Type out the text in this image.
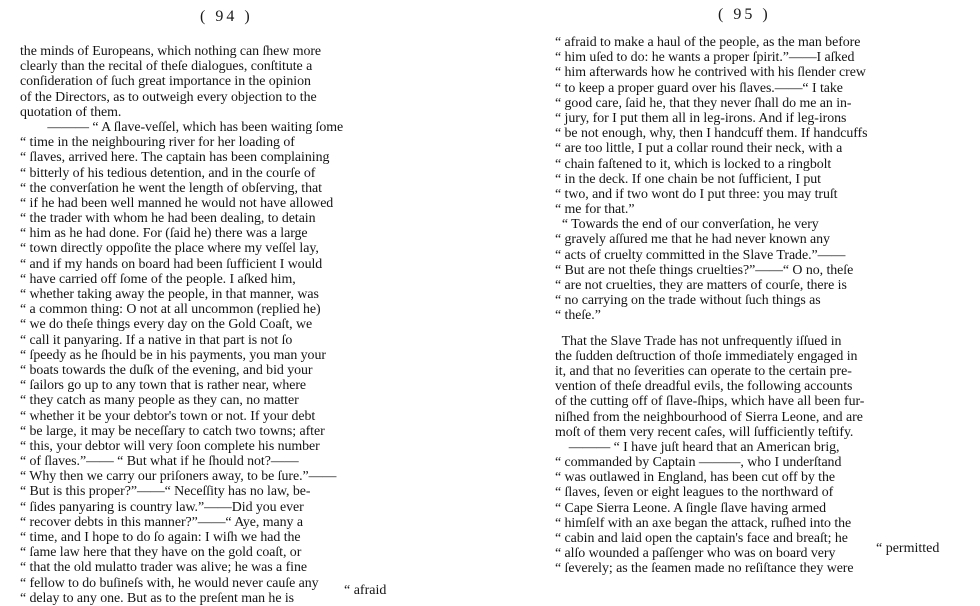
( 94 )
the minds of Europeans, which nothing can ſhew more
clearly than the recital of theſe dialogues, conſtitute a
conſideration of ſuch great importance in the opinion
of the Directors, as to outweigh every objection to the
quotation of them.
——— “ A ſlave-veſſel, which has been waiting ſome
“ time in the neighbouring river for her loading of
“ ſlaves, arrived here. The captain has been complaining
“ bitterly of his tedious detention, and in the courſe of
“ the converſation he went the length of obſerving, that
“ if he had been well manned he would not have allowed
“ the trader with whom he had been dealing, to detain
“ him as he had done. For (ſaid he) there was a large
“ town directly oppoſite the place where my veſſel lay,
“ and if my hands on board had been ſufficient I would
“ have carried off ſome of the people. I aſked him,
“ whether taking away the people, in that manner, was
“ a common thing: O not at all uncommon (replied he)
“ we do theſe things every day on the Gold Coaſt, we
“ call it panyaring. If a native in that part is not ſo
“ ſpeedy as he ſhould be in his payments, you man your
“ boats towards the duſk of the evening, and bid your
“ ſailors go up to any town that is rather near, where
“ they catch as many people as they can, no matter
“ whether it be your debtor's town or not. If your debt
“ be large, it may be neceſſary to catch two towns; after
“ this, your debtor will very ſoon complete his number
“ of ſlaves.”—— “ But what if he ſhould not?——
“ Why then we carry our priſoners away, to be ſure.”——
“ But is this proper?”——“ Neceſſity has no law, be-
“ ſides panyaring is country law.”——Did you ever
“ recover debts in this manner?”——“ Aye, many a
“ time, and I hope to do ſo again: I wiſh we had the
“ ſame law here that they have on the gold coaſt, or
“ that the old mulatto trader was alive; he was a fine
“ fellow to do buſineſs with, he would never cauſe any
“ delay to any one. But as to the preſent man he is
“ afraid
( 95 )
“ afraid to make a haul of the people, as the man before
“ him uſed to do: he wants a proper ſpirit.”——I aſked
“ him afterwards how he contrived with his ſlender crew
“ to keep a proper guard over his ſlaves.——“ I take
“ good care, ſaid he, that they never ſhall do me an in-
“ jury, for I put them all in leg-irons. And if leg-irons
“ be not enough, why, then I handcuff them. If handcuffs
“ are too little, I put a collar round their neck, with a
“ chain faſtened to it, which is locked to a ringbolt
“ in the deck. If one chain be not ſufficient, I put
“ two, and if two wont do I put three: you may truſt
“ me for that.”
“ Towards the end of our converſation, he very
“ gravely aſſured me that he had never known any
“ acts of cruelty committed in the Slave Trade.”——
“ But are not theſe things cruelties?”——“ O no, theſe
“ are not cruelties, they are matters of courſe, there is
“ no carrying on the trade without ſuch things as
“ theſe.”
That the Slave Trade has not unfrequently iſſued in
the ſudden deſtruction of thoſe immediately engaged in
it, and that no ſeverities can operate to the certain pre-
vention of theſe dreadful evils, the following accounts
of the cutting off of ſlave-ſhips, which have all been fur-
niſhed from the neighbourhood of Sierra Leone, and are
moſt of them very recent caſes, will ſufficiently teſtify.
——— “ I have juſt heard that an American brig,
“ commanded by Captain ———, who I underſtand
“ was outlawed in England, has been cut off by the
“ ſlaves, ſeven or eight leagues to the northward of
“ Cape Sierra Leone. A ſingle ſlave having armed
“ himſelf with an axe began the attack, ruſhed into the
“ cabin and laid open the captain's face and breaſt; he
“ alſo wounded a paſſenger who was on board very
“ ſeverely; as the ſeamen made no reſiſtance they were
“ permitted
